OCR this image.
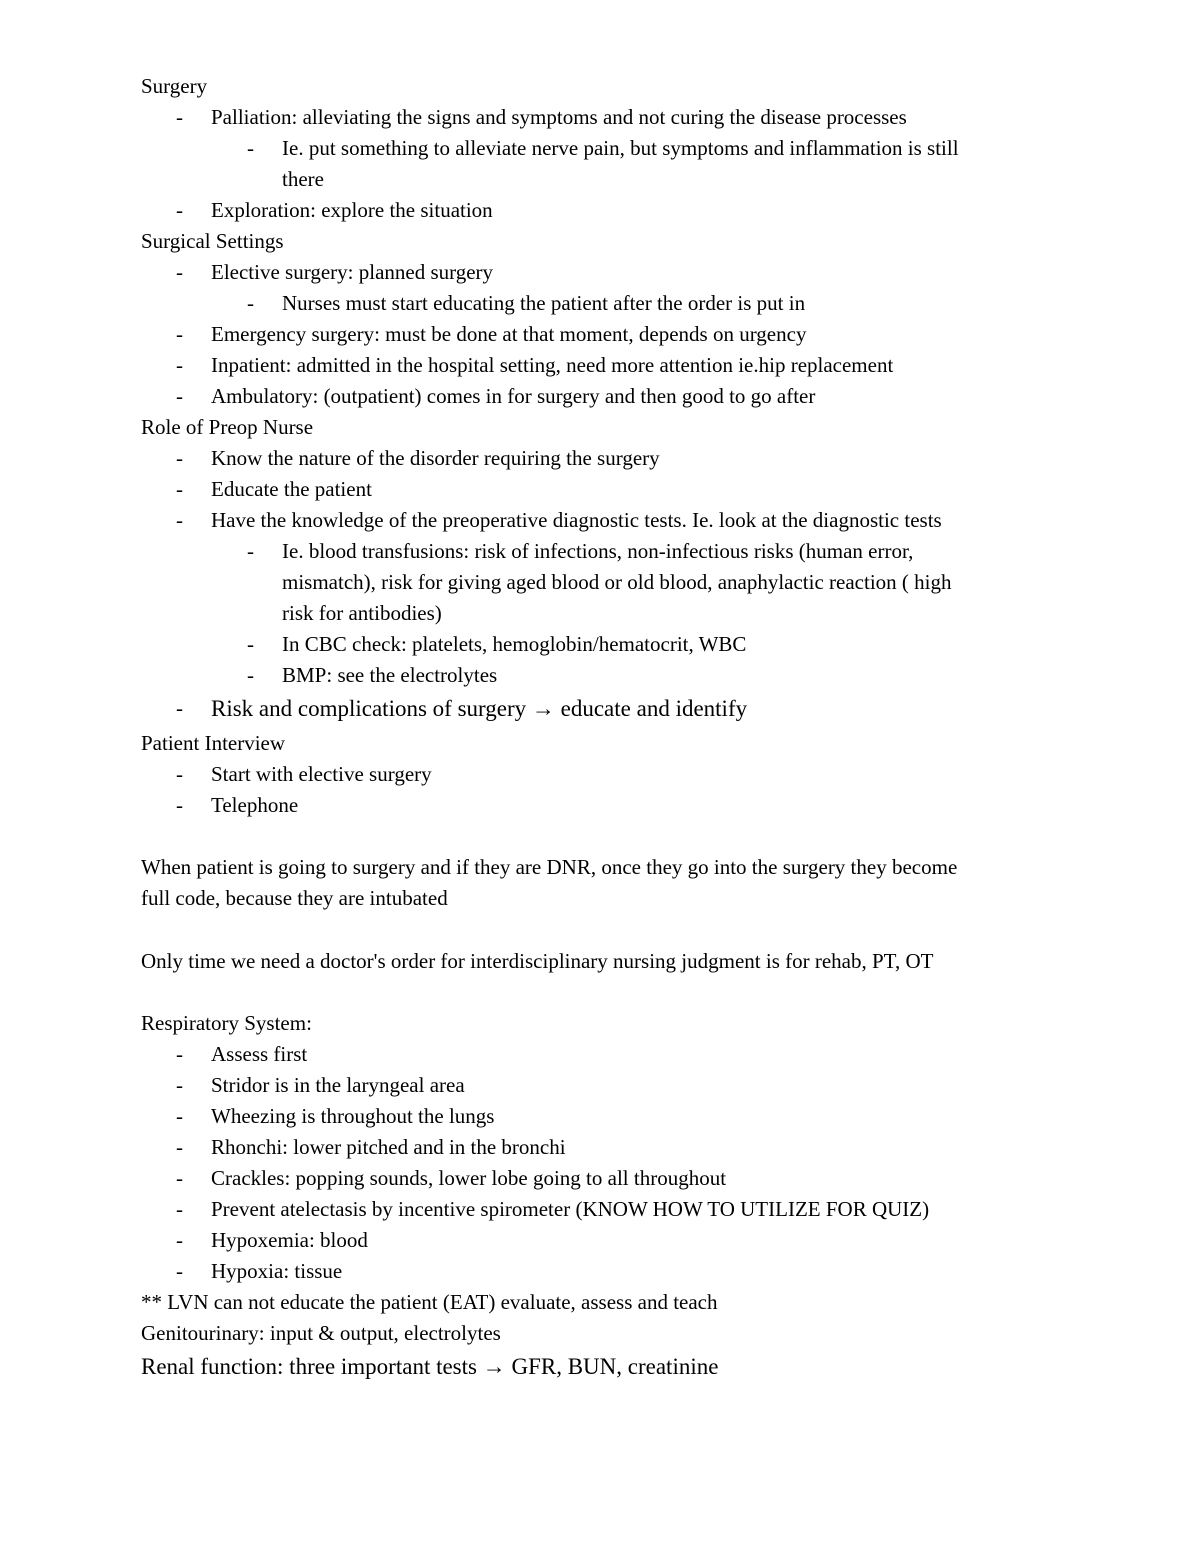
Surgery
- Palliation: alleviating the signs and symptoms and not curing the disease processes
- Ie. put something to alleviate nerve pain, but symptoms and inflammation is still
there
- Exploration: explore the situation
Surgical Settings
- Elective surgery: planned surgery
- Nurses must start educating the patient after the order is put in
- Emergency surgery: must be done at that moment, depends on urgency
- Inpatient: admitted in the hospital setting, need more attention ie.hip replacement
- Ambulatory: (outpatient) comes in for surgery and then good to go after
Role of Preop Nurse
- Know the nature of the disorder requiring the surgery
- Educate the patient
- Have the knowledge of the preoperative diagnostic tests. Ie. look at the diagnostic tests
- Ie. blood transfusions: risk of infections, non-infectious risks (human error,
mismatch), risk for giving aged blood or old blood, anaphylactic reaction ( high
risk for antibodies)
- In CBC check: platelets, hemoglobin/hematocrit, WBC
- BMP: see the electrolytes
- Risk and complications of surgery → educate and identify
Patient Interview
- Start with elective surgery
- Telephone
When patient is going to surgery and if they are DNR, once they go into the surgery they become
full code, because they are intubated
Only time we need a doctor's order for interdisciplinary nursing judgment is for rehab, PT, OT
Respiratory System:
- Assess first
- Stridor is in the laryngeal area
- Wheezing is throughout the lungs
- Rhonchi: lower pitched and in the bronchi
- Crackles: popping sounds, lower lobe going to all throughout
- Prevent atelectasis by incentive spirometer (KNOW HOW TO UTILIZE FOR QUIZ)
- Hypoxemia: blood
- Hypoxia: tissue
** LVN can not educate the patient (EAT) evaluate, assess and teach
Genitourinary: input & output, electrolytes
Renal function: three important tests → GFR, BUN, creatinine
